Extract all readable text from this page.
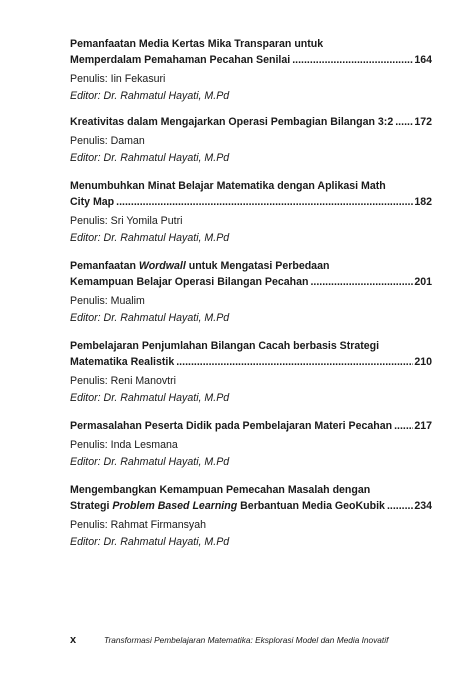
Pemanfaatan Media Kertas Mika Transparan untuk
Memperdalam Pemahaman Pecahan Senilai .....	164
Penulis: Iin Fekasuri
Editor: Dr. Rahmatul Hayati, M.Pd
Kreativitas dalam Mengajarkan Operasi Pembagian Bilangan 3:2 ..... 172
Penulis: Daman
Editor: Dr. Rahmatul Hayati, M.Pd
Menumbuhkan Minat Belajar Matematika dengan Aplikasi Math
City Map .....	182
Penulis: Sri Yomila Putri
Editor: Dr. Rahmatul Hayati, M.Pd
Pemanfaatan Wordwall untuk Mengatasi Perbedaan
Kemampuan Belajar Operasi Bilangan Pecahan .....	201
Penulis: Mualim
Editor: Dr. Rahmatul Hayati, M.Pd
Pembelajaran Penjumlahan Bilangan Cacah berbasis Strategi
Matematika Realistik .....	210
Penulis: Reni Manovtri
Editor: Dr. Rahmatul Hayati, M.Pd
Permasalahan Peserta Didik pada Pembelajaran Materi Pecahan ..... 217
Penulis: Inda Lesmana
Editor: Dr. Rahmatul Hayati, M.Pd
Mengembangkan Kemampuan Pemecahan Masalah dengan
Strategi Problem Based Learning Berbantuan Media GeoKubik .....	234
Penulis: Rahmat Firmansyah
Editor: Dr. Rahmatul Hayati, M.Pd
x	Transformasi Pembelajaran Matematika: Eksplorasi Model dan Media Inovatif
